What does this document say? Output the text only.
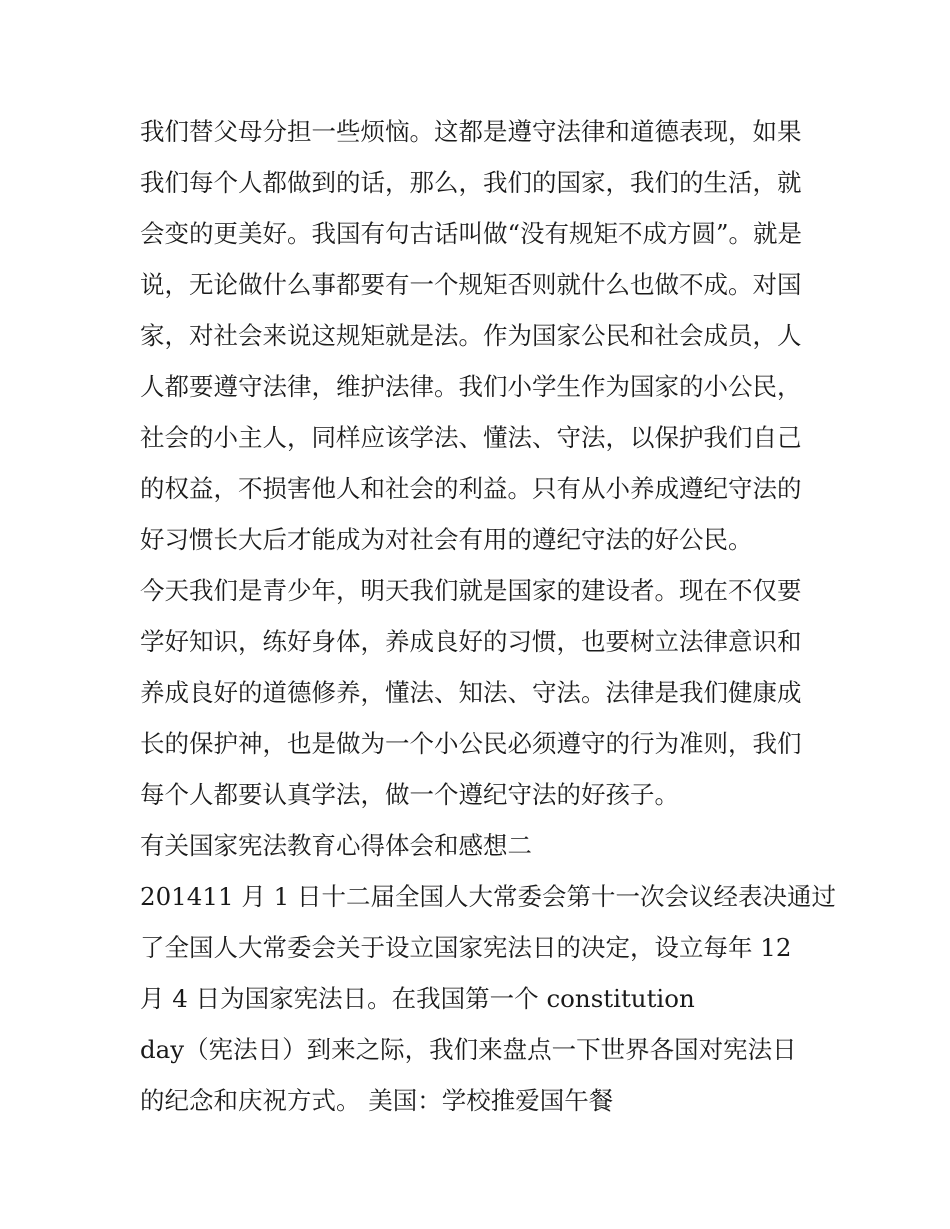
我们替父母分担一些烦恼。这都是遵守法律和道德表现，如果
我们每个人都做到的话，那么，我们的国家，我们的生活，就
会变的更美好。我国有句古话叫做“没有规矩不成方圆”。就是
说，无论做什么事都要有一个规矩否则就什么也做不成。对国
家，对社会来说这规矩就是法。作为国家公民和社会成员，人
人都要遵守法律，维护法律。我们小学生作为国家的小公民，
社会的小主人，同样应该学法、懂法、守法，以保护我们自己
的权益，不损害他人和社会的利益。只有从小养成遵纪守法的
好习惯长大后才能成为对社会有用的遵纪守法的好公民。
今天我们是青少年，明天我们就是国家的建设者。现在不仅要
学好知识，练好身体，养成良好的习惯，也要树立法律意识和
养成良好的道德修养，懂法、知法、守法。法律是我们健康成
长的保护神，也是做为一个小公民必须遵守的行为准则，我们
每个人都要认真学法，做一个遵纪守法的好孩子。
有关国家宪法教育心得体会和感想二
201411 月 1 日十二届全国人大常委会第十一次会议经表决通过
了全国人大常委会关于设立国家宪法日的决定，设立每年 12
月 4 日为国家宪法日。在我国第一个 constitution
day（宪法日）到来之际，我们来盘点一下世界各国对宪法日
的纪念和庆祝方式。 美国：学校推爱国午餐
